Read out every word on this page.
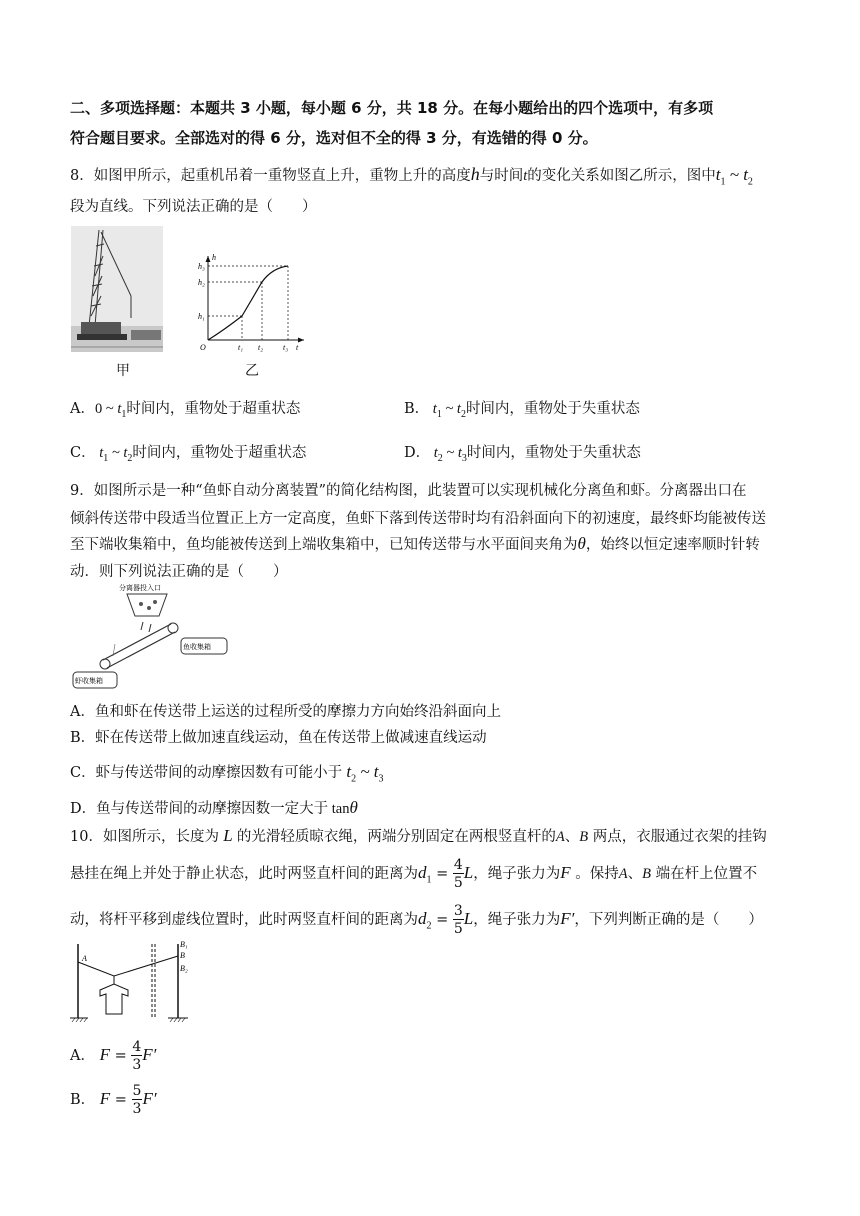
二、多项选择题：本题共 3 小题，每小题 6 分，共 18 分。在每小题给出的四个选项中，有多项
符合题目要求。全部选对的得 6 分，选对但不全的得 3 分，有选错的得 0 分。
8．如图甲所示，起重机吊着一重物竖直上升，重物上升的高度h与时间t的变化关系如图乙所示，图中$t_1$ ~ $t_2$
段为直线。下列说法正确的是（　　）
甲
h
t
O
h₃
h₂
h₁
t₁ t₂ t₃
乙
A．0 ~ $t_1$时间内，重物处于超重状态	B． $t_1$ ~ $t_2$时间内，重物处于失重状态
C． $t_1$ ~ $t_2$时间内，重物处于超重状态	D． $t_2$ ~ $t_3$时间内，重物处于失重状态
9．如图所示是一种“鱼虾自动分离装置”的简化结构图，此装置可以实现机械化分离鱼和虾。分离器出口在
倾斜传送带中段适当位置正上方一定高度，鱼虾下落到传送带时均有沿斜面向下的初速度，最终虾均能被传送
至下端收集箱中，鱼均能被传送到上端收集箱中，已知传送带与水平面间夹角为θ，始终以恒定速率顺时针转
动．则下列说法正确的是（　　）
分离器投入口
鱼收集箱
虾收集箱
A．鱼和虾在传送带上运送的过程所受的摩擦力方向始终沿斜面向上
B．虾在传送带上做加速直线运动，鱼在传送带上做减速直线运动
C．虾与传送带间的动摩擦因数有可能小于 $t_2$ ~ $t_3$
D．鱼与传送带间的动摩擦因数一定大于 tanθ
10．如图所示，长度为 L 的光滑轻质晾衣绳，两端分别固定在两根竖直杆的A、B 两点，衣服通过衣架的挂钩
悬挂在绳上并处于静止状态，此时两竖直杆间的距离为$d_1 = \frac{4}{5}$ L，绳子张力为F 。保持A、B 端在杆上位置不
动，将杆平移到虚线位置时，此时两竖直杆间的距离为$d_2 = \frac{3}{5}$ L，绳子张力为F′，下列判断正确的是（　　）
A
B₁
B
B₂
A． $F = \frac{4}{3} F'$
B． $F = \frac{5}{3} F'$
